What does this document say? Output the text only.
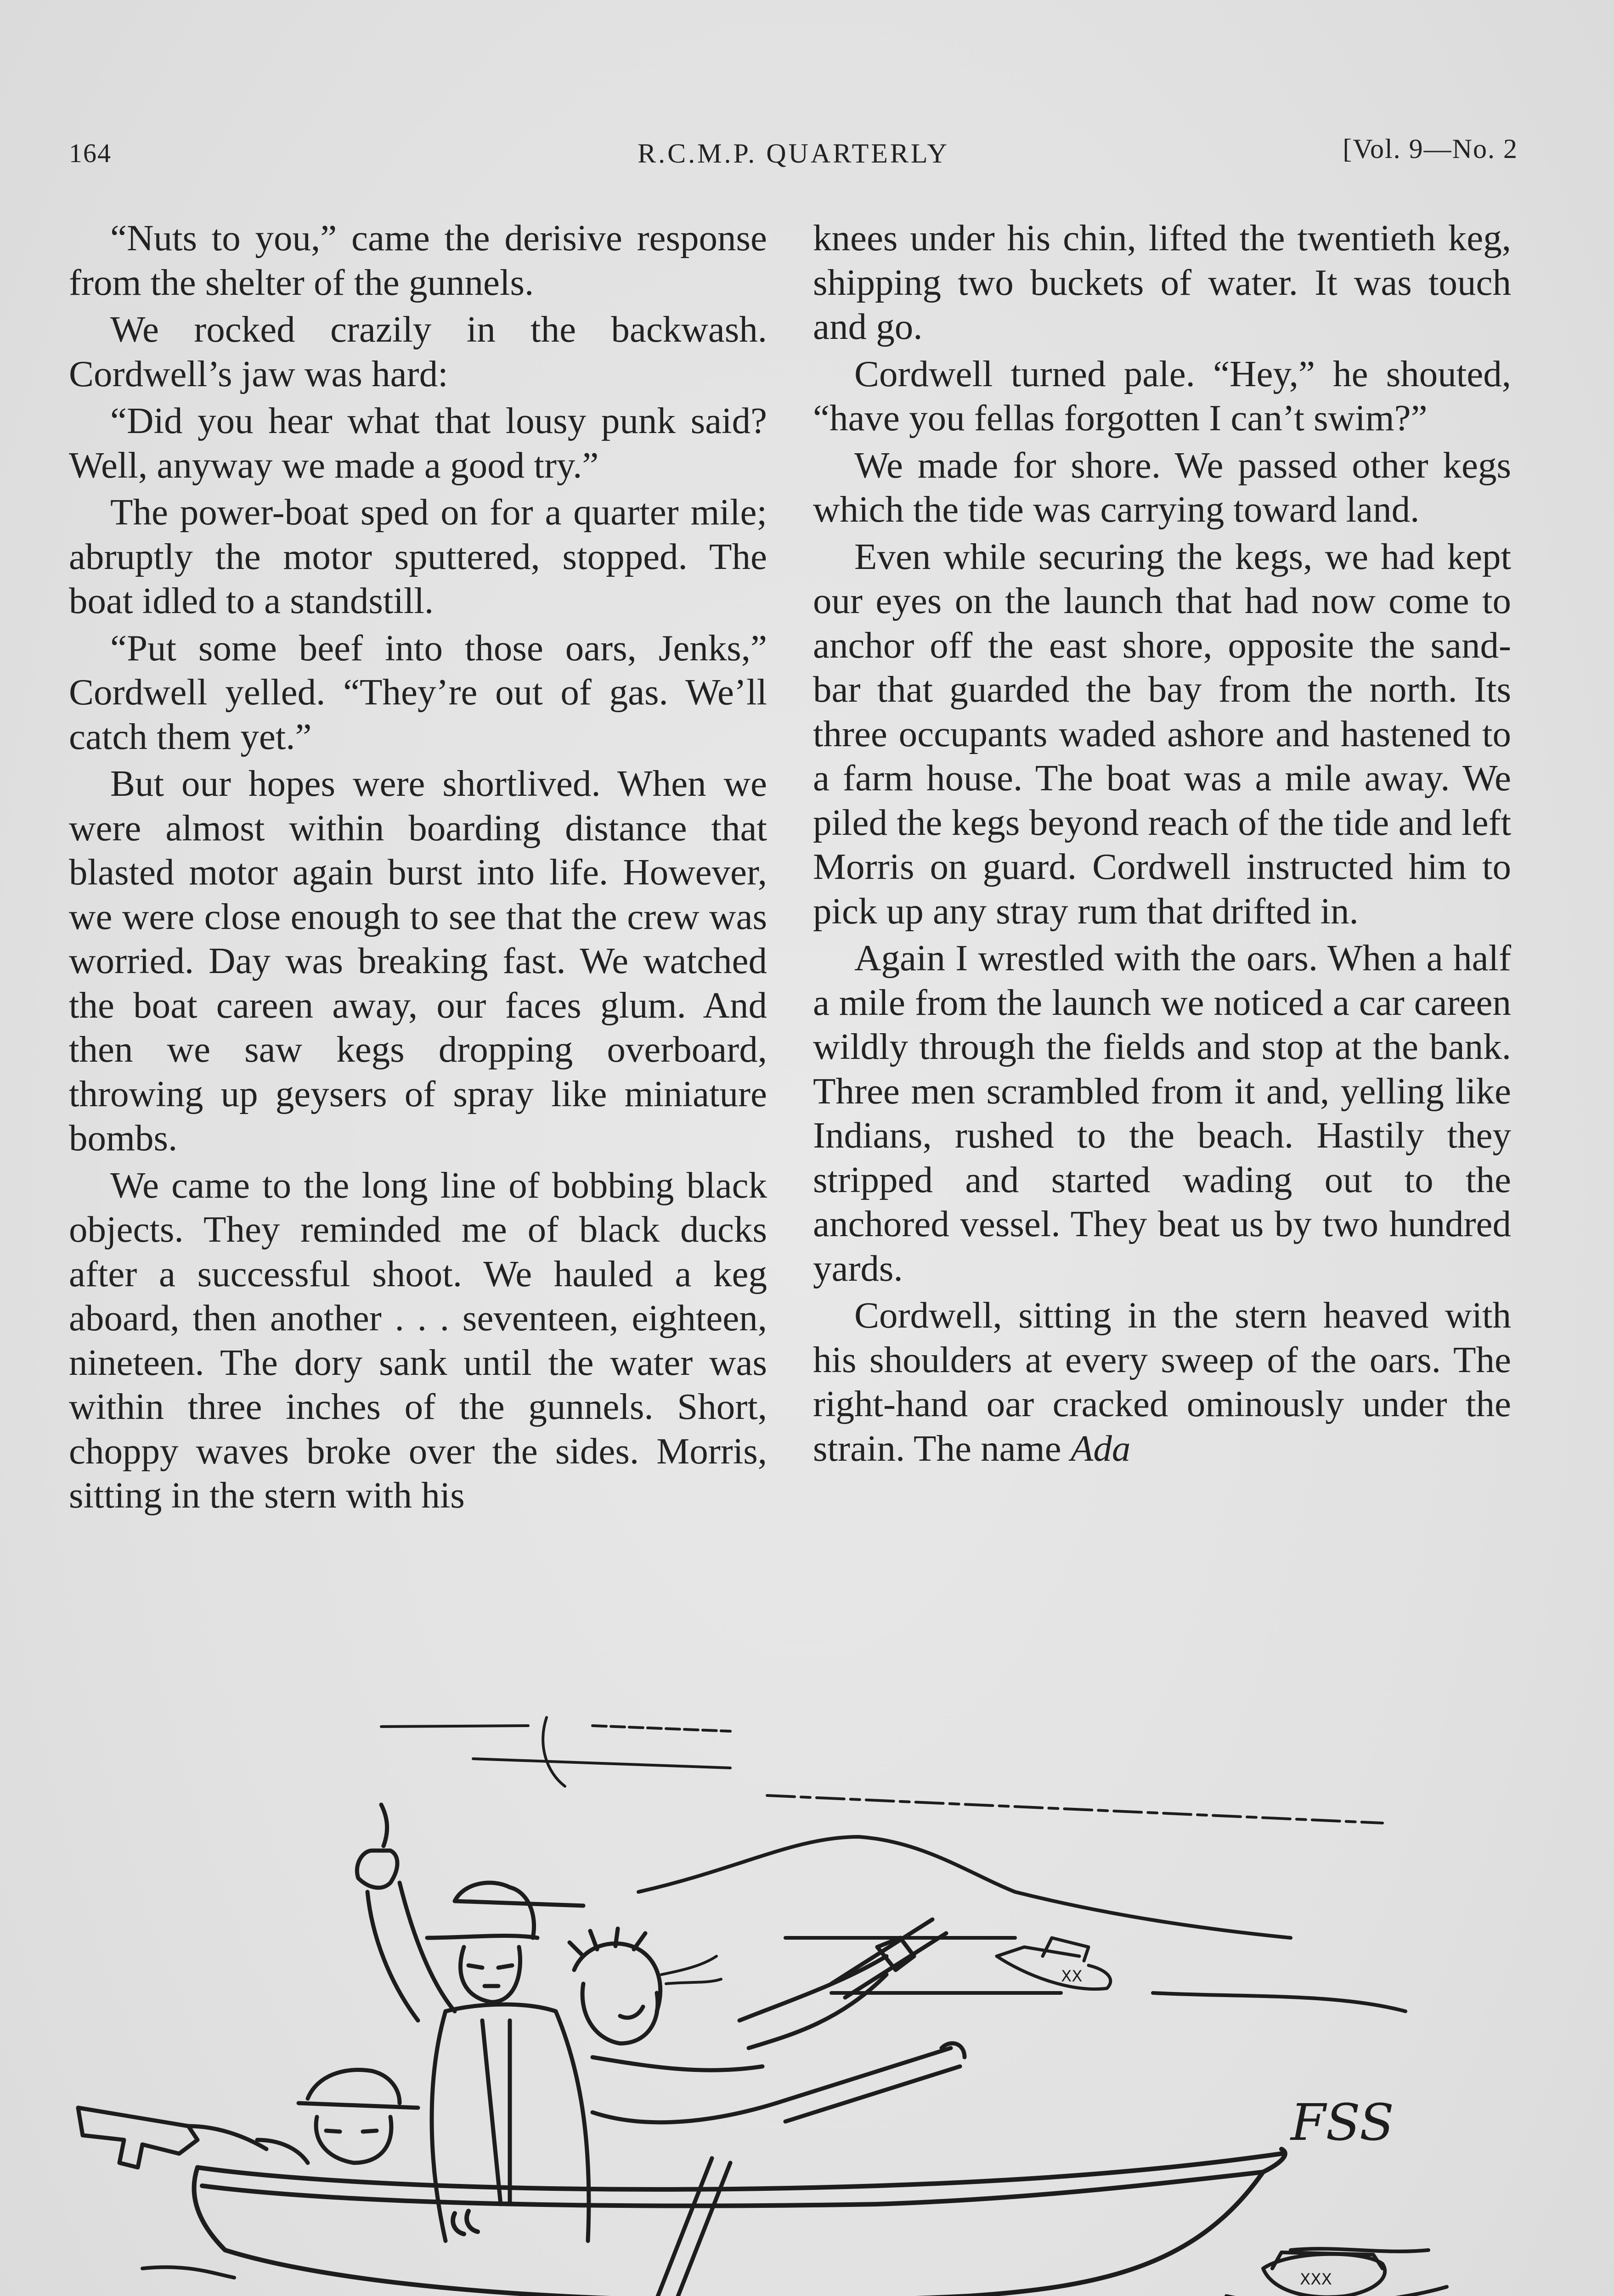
164	R.C.M.P. QUARTERLY	[Vol. 9—No. 2

“Nuts to you,” came the derisive response from the shelter of the gunnels.

We rocked crazily in the backwash. Cordwell’s jaw was hard:

“Did you hear what that lousy punk said? Well, anyway we made a good try.”

The power-boat sped on for a quarter mile; abruptly the motor sputtered, stopped. The boat idled to a standstill.

“Put some beef into those oars, Jenks,” Cordwell yelled. “They’re out of gas. We’ll catch them yet.”

But our hopes were shortlived. When we were almost within boarding distance that blasted motor again burst into life. However, we were close enough to see that the crew was worried. Day was breaking fast. We watched the boat careen away, our faces glum. And then we saw kegs dropping overboard, throwing up geysers of spray like miniature bombs.

We came to the long line of bobbing black objects. They reminded me of black ducks after a successful shoot. We hauled a keg aboard, then another . . . seventeen, eighteen, nineteen. The dory sank until the water was within three inches of the gunnels. Short, choppy waves broke over the sides. Morris, sitting in the stern with his

knees under his chin, lifted the twentieth keg, shipping two buckets of water. It was touch and go.

Cordwell turned pale. “Hey,” he shouted, “have you fellas forgotten I can’t swim?”

We made for shore. We passed other kegs which the tide was carrying toward land.

Even while securing the kegs, we had kept our eyes on the launch that had now come to anchor off the east shore, opposite the sand-bar that guarded the bay from the north. Its three occupants waded ashore and hastened to a farm house. The boat was a mile away. We piled the kegs beyond reach of the tide and left Morris on guard. Cordwell instructed him to pick up any stray rum that drifted in.

Again I wrestled with the oars. When a half a mile from the launch we noticed a car careen wildly through the fields and stop at the bank. Three men scrambled from it and, yelling like Indians, rushed to the beach. Hastily they stripped and started wading out to the anchored vessel. They beat us by two hundred yards.

Cordwell, sitting in the stern heaved with his shoulders at every sweep of the oars. The right-hand oar cracked ominously under the strain. The name Ada

XX
XXX
FSS
